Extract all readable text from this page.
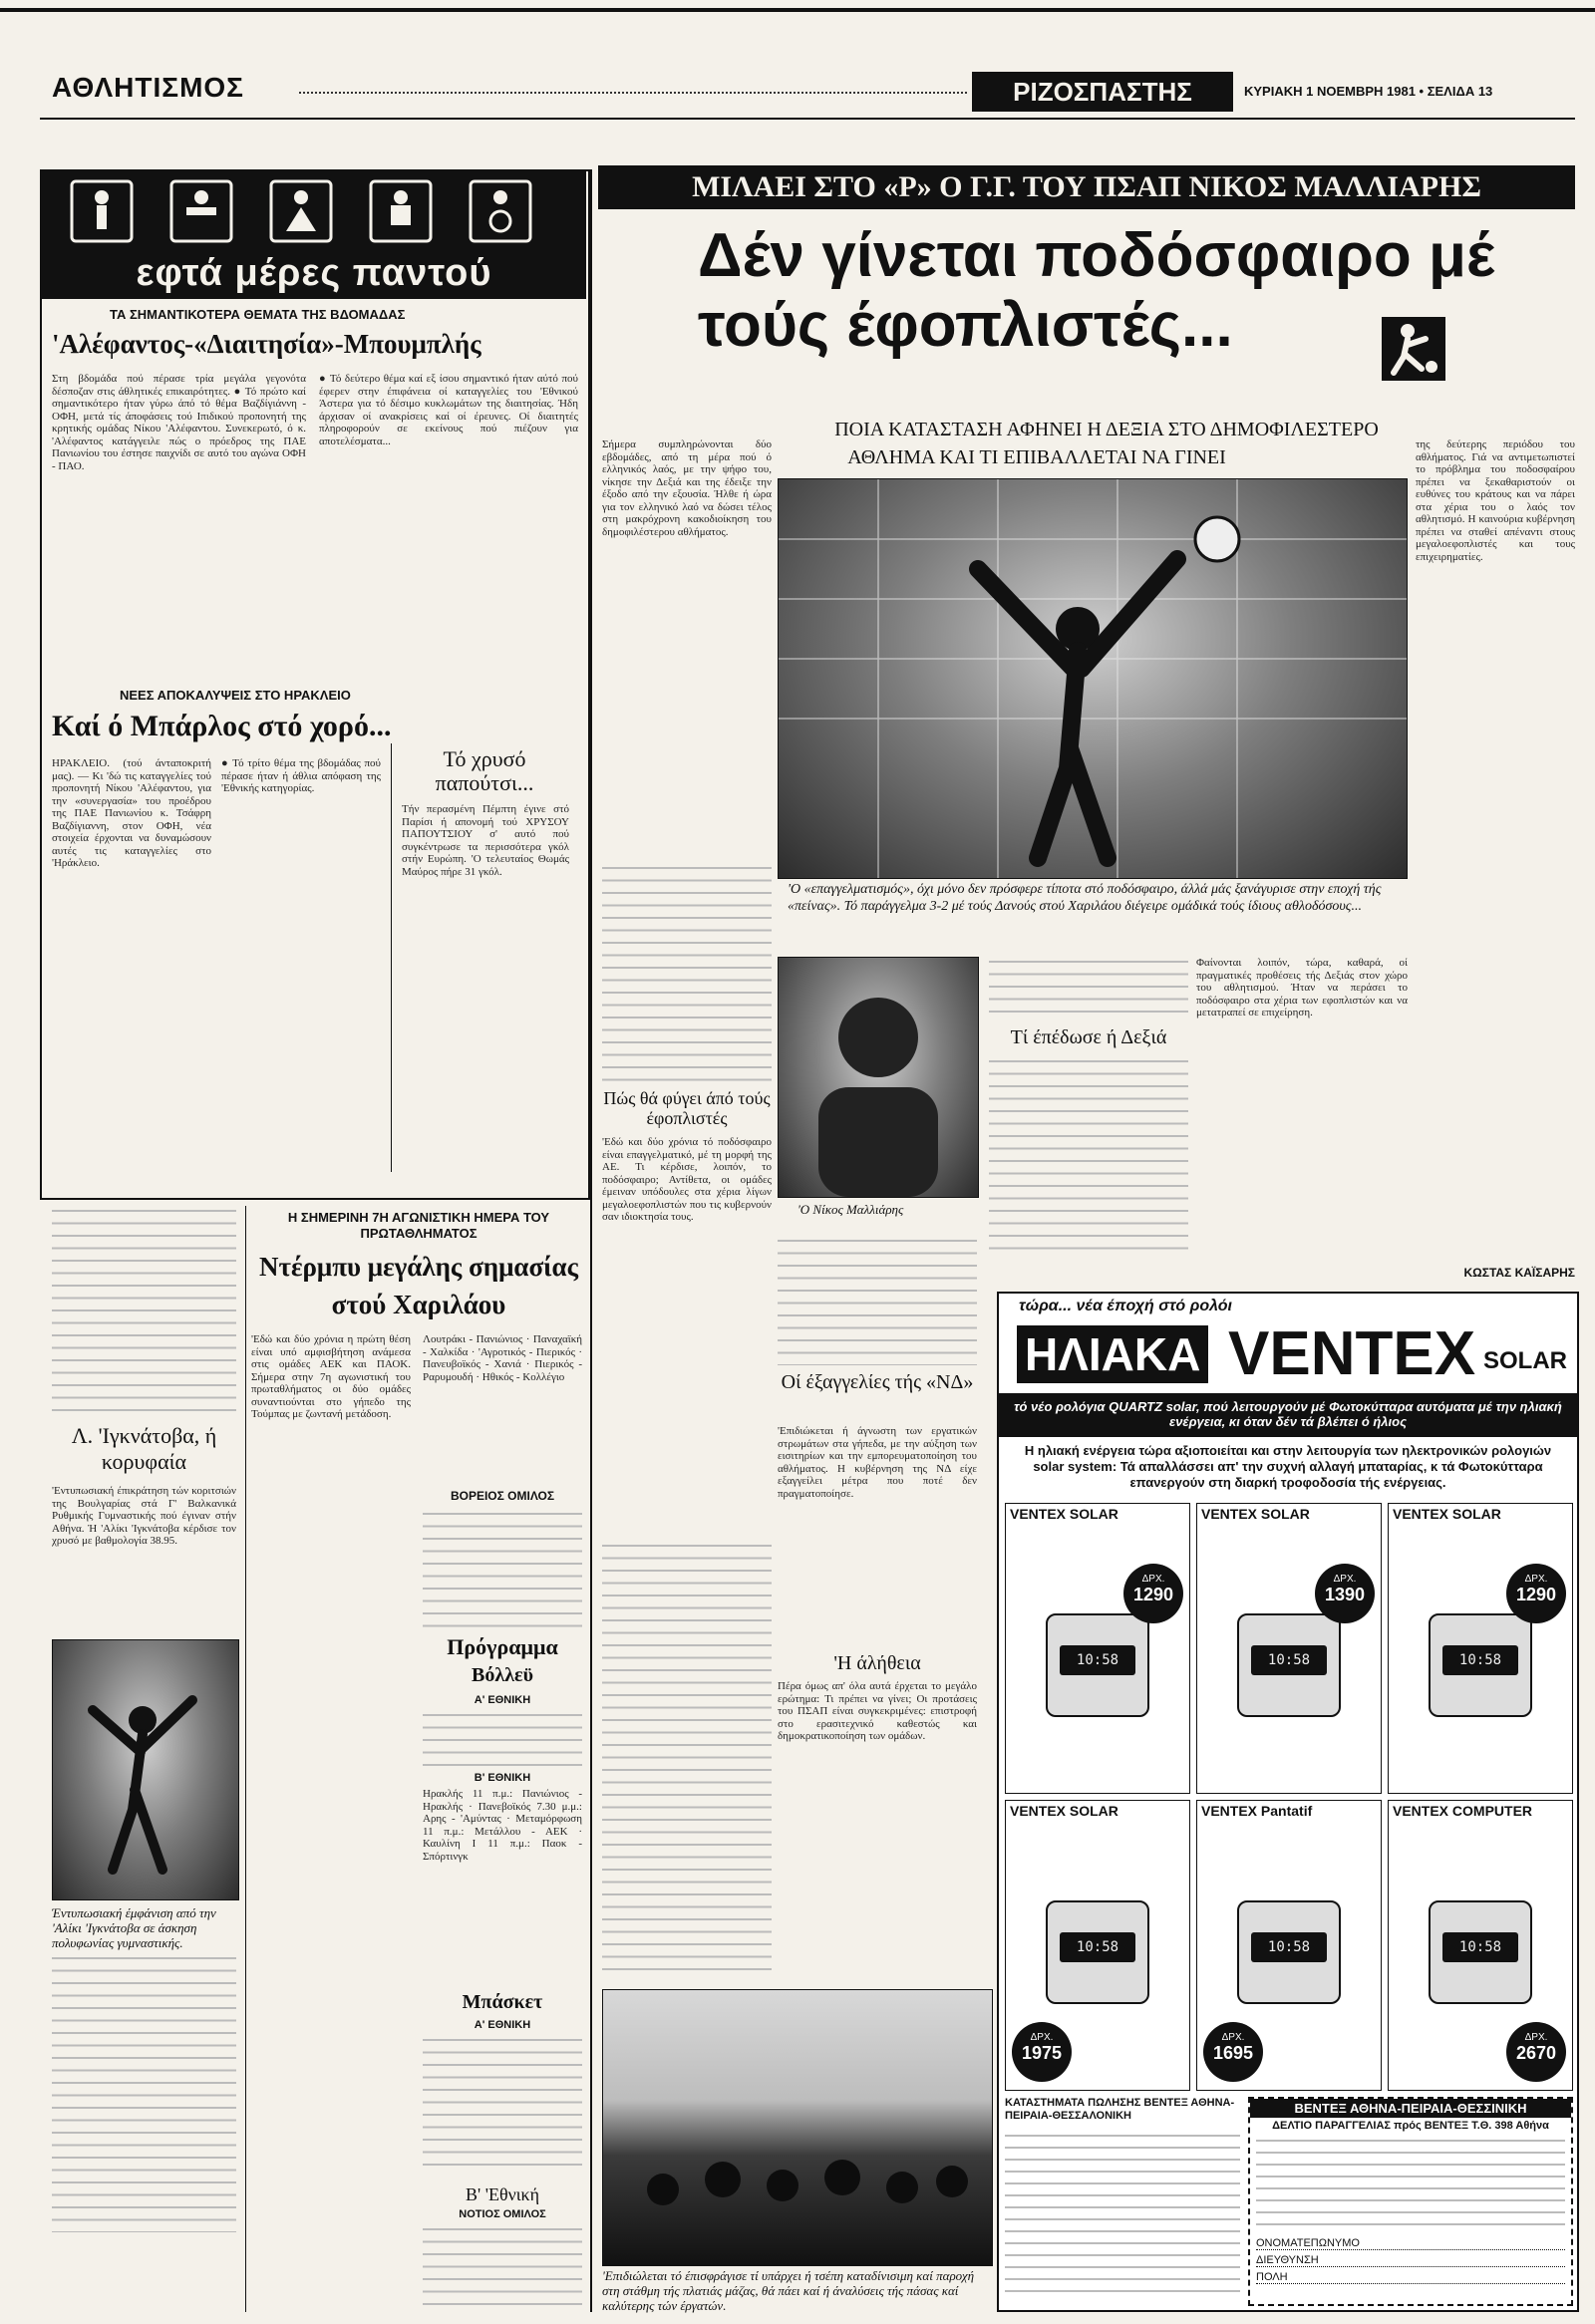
ΑΘΛΗΤΙΣΜΟΣ	ΡΙΖΟΣΠΑΣΤΗΣ	ΚΥΡΙΑΚΗ 1 ΝΟΕΜΒΡΗ 1981 • ΣΕΛΙΔΑ 13
εφτά μέρες παντού
ΤΑ ΣΗΜΑΝΤΙΚΟΤΕΡΑ ΘΕΜΑΤΑ ΤΗΣ ΒΔΟΜΑΔΑΣ
'Αλέφαντος-«Διαιτησία»-Μπουμπλής
Στη βδομάδα πού πέρασε τρία μεγάλα γεγονότα δέσποζαν στις άθλητικές επικαιρότητες. ● Τό πρώτο καί σημαντικότερο ήταν γύρω άπό τό θέμα Βαζδίγιάννη - ΟΦΗ, μετά τίς άποφάσεις τού Ιπιδικού προπονητή της κρητικής ομάδας Νίκου 'Αλέφαντου. Συνεκερωτό, ό κ. 'Αλέφαντος κατάγγειλε πώς ο πρόεδρος της ΠΑΕ Πανιωνίου του έστησε παιχνίδι σε αυτό του αγώνα ΟΦΗ - ΠΑΟ.
● Τό δεύτερο θέμα καί εξ ίσου σημαντικό ήταν αύτό πού έφερεν στην έπιφάνεια οί καταγγελίες του 'Εθνικού Άστερα για τό δέσιμο κυκλωμάτων της διαιτησίας. Ήδη άρχισαν οί ανακρίσεις καί οί έρευνες. Οί διαιτητές πληροφορούν σε εκείνους πού πιέζουν για αποτελέσματα...
ΝΕΕΣ ΑΠΟΚΑΛΥΨΕΙΣ ΣΤΟ ΗΡΑΚΛΕΙΟ
Καί ό Μπάρλος στό χορό...
ΗΡΑΚΛΕΙΟ. (τού άνταποκριτή μας). — Κι 'δώ τις καταγγελίες τού προπονητή Νίκου 'Αλέφαντου, για την «συνεργασία» του προέδρου της ΠΑΕ Πανιωνίου κ. Τσάφρη Βαζδίγιαννη, στον ΟΦΗ, νέα στοιχεία έρχονται να δυναμώσουν αυτές τις καταγγελίες στο 'Ηράκλειο.
● Τό τρίτο θέμα της βδομάδας πού πέρασε ήταν ή άθλια απόφαση της 'Εθνικής κατηγορίας.
Τό χρυσό παπούτσι...
Τήν περασμένη Πέμπτη έγινε στό Παρίσι ή απονομή τού ΧΡΥΣΟΥ ΠΑΠΟΥΤΣΙΟΥ σ' αυτό πού συγκέντρωσε τα περισσότερα γκόλ στήν Ευρώπη. 'Ο τελευταίος Θωμάς Μαύρος πήρε 31 γκόλ.
Λ. 'Ιγκνάτοβα, ή κορυφαία
'Εντυπωσιακή έπικράτηση τών κοριτσιών της Βουλγαρίας στά Γ' Βαλκανικά Ρυθμικής Γυμναστικής πού έγιναν στήν Αθήνα. Ή 'Αλίκι 'Ιγκνάτοβα κέρδισε τον χρυσό με βαθμολογία 38.95.
Έντυπωσιακή έμφάνιση από την 'Αλίκι 'Ιγκνάτοβα σε άσκηση πολυφωνίας γυμναστικής.
Η ΣΗΜΕΡΙΝΗ 7Η ΑΓΩΝΙΣΤΙΚΗ ΗΜΕΡΑ ΤΟΥ ΠΡΩΤΑΘΛΗΜΑΤΟΣ
Ντέρμπυ μεγάλης σημασίας στού Χαριλάου
'Εδώ και δύο χρόνια η πρώτη θέση είναι υπό αμφισβήτηση ανάμεσα στις ομάδες ΑΕΚ και ΠΑΟΚ. Σήμερα στην 7η αγωνιστική του πρωταθλήματος οι δύο ομάδες συναντιούνται στο γήπεδο της Τούμπας με ζωντανή μετάδοση.
Λουτράκι - Πανιώνιος · Παναχαϊκή - Χαλκίδα · 'Αγροτικός - Πιερικός · Πανευβοϊκός - Χανιά · Πιερικός - Ραρυμουδή · Ηθικός - Κολλέγιο
ΒΟΡΕΙΟΣ ΟΜΙΛΟΣ
Πρόγραμμα
Βόλλεϋ
Α' ΕΘΝΙΚΗ
Β' ΕΘΝΙΚΗ
Ηρακλής 11 π.μ.: Πανιώνιος - Ηρακλής · Πανεβοϊκός 7.30 μ.μ.: Αρης - 'Αμύντας · Μεταμόρφωση 11 π.μ.: Μετάλλου - ΑΕΚ · Καυλίνη Ι 11 π.μ.: Παοκ - Σπόρτινγκ
Μπάσκετ
Α' ΕΘΝΙΚΗ
Β' 'Εθνική
ΝΟΤΙΟΣ ΟΜΙΛΟΣ
ΜΙΛΑΕΙ ΣΤΟ «Ρ» Ο Γ.Γ. ΤΟΥ ΠΣΑΠ ΝΙΚΟΣ ΜΑΛΛΙΑΡΗΣ
Δέν γίνεται ποδόσφαιρο μέ τούς έφοπλιστές...
ΠΟΙΑ ΚΑΤΑΣΤΑΣΗ ΑΦΗΝΕΙ Η ΔΕΞΙΑ ΣΤΟ ΔΗΜΟΦΙΛΕΣΤΕΡΟ
ΑΘΛΗΜΑ ΚΑΙ ΤΙ ΕΠΙΒΑΛΛΕΤΑΙ ΝΑ ΓΙΝΕΙ
Σήμερα συμπληρώνονται δύο εβδομάδες, από τη μέρα πού ό ελληνικός λαός, με την ψήφο του, νίκησε την Δεξιά και της έδειξε την έξοδο από την εξουσία. Ήλθε ή ώρα για τον ελληνικό λαό να δώσει τέλος στη μακρόχρονη κακοδιοίκηση του δημοφιλέστερου αθλήματος.
της δεύτερης περιόδου του αθλήματος. Γιά να αντιμετωπιστεί το πρόβλημα του ποδοσφαίρου πρέπει να ξεκαθαριστούν οι ευθύνες του κράτους και να πάρει στα χέρια του ο λαός τον αθλητισμό. Η καινούρια κυβέρνηση πρέπει να σταθεί απέναντι στους μεγαλοεφοπλιστές και τους επιχειρηματίες.
'Ο «επαγγελματισμός», όχι μόνο δεν πρόσφερε τίποτα στό ποδόσφαιρο, άλλά μάς ξανάγυρισε στην εποχή τής «πείνας». Τό παράγγελμα 3-2 μέ τούς Δανούς στού Χαριλάου διέγειρε ομάδικά τούς ίδιους αθλοδόσους...
Πώς θά φύγει άπό τούς έφοπλιστές
'Εδώ και δύο χρόνια τό ποδόσφαιρο είναι επαγγελματικό, μέ τη μορφή της ΑΕ. Τι κέρδισε, λοιπόν, το ποδόσφαιρο; Αντίθετα, οι ομάδες έμειναν υπόδουλες στα χέρια λίγων μεγαλοεφοπλιστών που τις κυβερνούν σαν ιδιοκτησία τους.	'Ο Νίκος Μαλλιάρης
Τί έπέδωσε ή Δεξιά
Φαίνονται λοιπόν, τώρα, καθαρά, οί πραγματικές προθέσεις τής Δεξιάς στον χώρο του αθλητισμού. Ήταν να περάσει το ποδόσφαιρο στα χέρια των εφοπλιστών και να μετατραπεί σε επιχείρηση.
ΚΩΣΤΑΣ ΚΑΪΣΑΡΗΣ
Οί έξαγγελίες τής «ΝΔ»
'Επιδιώκεται ή άγνωστη των εργατικών στρωμάτων στα γήπεδα, με την αύξηση των εισιτηρίων και την εμπορευματοποίηση του αθλήματος. Η κυβέρνηση της ΝΔ είχε εξαγγείλει μέτρα που ποτέ δεν πραγματοποίησε.
'Η άλήθεια
Πέρα όμως απ' όλα αυτά έρχεται το μεγάλο ερώτημα: Τι πρέπει να γίνει; Οι προτάσεις του ΠΣΑΠ είναι συγκεκριμένες: επιστροφή στο ερασιτεχνικό καθεστώς και δημοκρατικοποίηση των ομάδων.
'Επιδιώλεται τό έπισφράγισε τί υπάρχει ή τσέπη καταδίνισιμη καί παροχή στη στάθμη τής πλατιάς μάζας, θά πάει καί ή άναλύσεις τής πάσας καί καλύτερης τών έργατών.
τώρα... νέα έποχή στό ρολόι
ΗΛΙΑΚΑ VENTEX SOLAR
τό νέο ρολόγια QUARTZ solar, πού λειτουργούν μέ Φωτοκύτταρα αυτόματα μέ την ηλιακή ενέργεια, κι όταν δέν τά βλέπει ό ήλιος
Η ηλιακή ενέργεια τώρα αξιοποιείται και στην λειτουργία των ηλεκτρονικών ρολογιών solar system: Τά απαλλάσσει απ' την συχνή αλλαγή μπαταρίας, κ τά Φωτοκύτταρα επανεργούν στη διαρκή τροφοδοσία τής ενέργειας.
VENTEX SOLAR
10:58
ΔΡΧ.
1290
VENTEX SOLAR
10:58
ΔΡΧ.
1390
VENTEX SOLAR
10:58
ΔΡΧ.
1290
VENTEX SOLAR
10:58
ΔΡΧ.
1975
VENTEX Pantatif
10:58
ΔΡΧ.
1695
VENTEX COMPUTER
10:58
ΔΡΧ.
2670
ΚΑΤΑΣΤΗΜΑΤΑ ΠΩΛΗΣΗΣ ΒΕΝΤΕΞ ΑΘΗΝΑ-ΠΕΙΡΑΙΑ-ΘΕΣΣΑΛΟΝΙΚΗ	ΒΕΝΤΕΞ ΑΘΗΝΑ-ΠΕΙΡΑΙΑ-ΘΕΣΣΙΝΙΚΗ
ΔΕΛΤΙΟ ΠΑΡΑΓΓΕΛΙΑΣ πρός ΒΕΝΤΕΞ Τ.Θ. 398 Αθήνα
ΟΝΟΜΑΤΕΠΩΝΥΜΟ
ΔΙΕΥΘΥΝΣΗ
ΠΟΛΗ
